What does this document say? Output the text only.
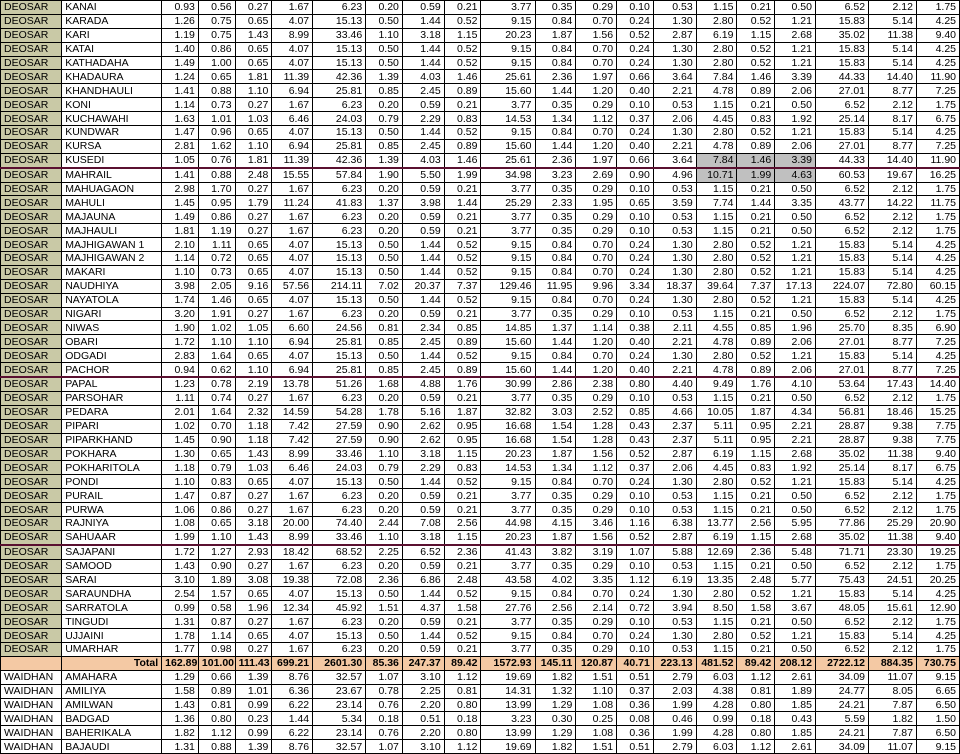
DEOSAR	KANAI	0.93	0.56	0.27	1.67	6.23	0.20	0.59	0.21	3.77	0.35	0.29	0.10	0.53	1.15	0.21	0.50	6.52	2.12	1.75
DEOSAR	KARADA	1.26	0.75	0.65	4.07	15.13	0.50	1.44	0.52	9.15	0.84	0.70	0.24	1.30	2.80	0.52	1.21	15.83	5.14	4.25
DEOSAR	KARI	1.19	0.75	1.43	8.99	33.46	1.10	3.18	1.15	20.23	1.87	1.56	0.52	2.87	6.19	1.15	2.68	35.02	11.38	9.40
DEOSAR	KATAI	1.40	0.86	0.65	4.07	15.13	0.50	1.44	0.52	9.15	0.84	0.70	0.24	1.30	2.80	0.52	1.21	15.83	5.14	4.25
DEOSAR	KATHADAHA	1.49	1.00	0.65	4.07	15.13	0.50	1.44	0.52	9.15	0.84	0.70	0.24	1.30	2.80	0.52	1.21	15.83	5.14	4.25
DEOSAR	KHADAURA	1.24	0.65	1.81	11.39	42.36	1.39	4.03	1.46	25.61	2.36	1.97	0.66	3.64	7.84	1.46	3.39	44.33	14.40	11.90
DEOSAR	KHANDHAULI	1.41	0.88	1.10	6.94	25.81	0.85	2.45	0.89	15.60	1.44	1.20	0.40	2.21	4.78	0.89	2.06	27.01	8.77	7.25
DEOSAR	KONI	1.14	0.73	0.27	1.67	6.23	0.20	0.59	0.21	3.77	0.35	0.29	0.10	0.53	1.15	0.21	0.50	6.52	2.12	1.75
DEOSAR	KUCHAWAHI	1.63	1.01	1.03	6.46	24.03	0.79	2.29	0.83	14.53	1.34	1.12	0.37	2.06	4.45	0.83	1.92	25.14	8.17	6.75
DEOSAR	KUNDWAR	1.47	0.96	0.65	4.07	15.13	0.50	1.44	0.52	9.15	0.84	0.70	0.24	1.30	2.80	0.52	1.21	15.83	5.14	4.25
DEOSAR	KURSA	2.81	1.62	1.10	6.94	25.81	0.85	2.45	0.89	15.60	1.44	1.20	0.40	2.21	4.78	0.89	2.06	27.01	8.77	7.25
DEOSAR	KUSEDI	1.05	0.76	1.81	11.39	42.36	1.39	4.03	1.46	25.61	2.36	1.97	0.66	3.64	7.84	1.46	3.39	44.33	14.40	11.90
DEOSAR	MAHRAIL	1.41	0.88	2.48	15.55	57.84	1.90	5.50	1.99	34.98	3.23	2.69	0.90	4.96	10.71	1.99	4.63	60.53	19.67	16.25
DEOSAR	MAHUAGAON	2.98	1.70	0.27	1.67	6.23	0.20	0.59	0.21	3.77	0.35	0.29	0.10	0.53	1.15	0.21	0.50	6.52	2.12	1.75
DEOSAR	MAHULI	1.45	0.95	1.79	11.24	41.83	1.37	3.98	1.44	25.29	2.33	1.95	0.65	3.59	7.74	1.44	3.35	43.77	14.22	11.75
DEOSAR	MAJAUNA	1.49	0.86	0.27	1.67	6.23	0.20	0.59	0.21	3.77	0.35	0.29	0.10	0.53	1.15	0.21	0.50	6.52	2.12	1.75
DEOSAR	MAJHAULI	1.81	1.19	0.27	1.67	6.23	0.20	0.59	0.21	3.77	0.35	0.29	0.10	0.53	1.15	0.21	0.50	6.52	2.12	1.75
DEOSAR	MAJHIGAWAN 1	2.10	1.11	0.65	4.07	15.13	0.50	1.44	0.52	9.15	0.84	0.70	0.24	1.30	2.80	0.52	1.21	15.83	5.14	4.25
DEOSAR	MAJHIGAWAN 2	1.14	0.72	0.65	4.07	15.13	0.50	1.44	0.52	9.15	0.84	0.70	0.24	1.30	2.80	0.52	1.21	15.83	5.14	4.25
DEOSAR	MAKARI	1.10	0.73	0.65	4.07	15.13	0.50	1.44	0.52	9.15	0.84	0.70	0.24	1.30	2.80	0.52	1.21	15.83	5.14	4.25
DEOSAR	NAUDHIYA	3.98	2.05	9.16	57.56	214.11	7.02	20.37	7.37	129.46	11.95	9.96	3.34	18.37	39.64	7.37	17.13	224.07	72.80	60.15
DEOSAR	NAYATOLA	1.74	1.46	0.65	4.07	15.13	0.50	1.44	0.52	9.15	0.84	0.70	0.24	1.30	2.80	0.52	1.21	15.83	5.14	4.25
DEOSAR	NIGARI	3.20	1.91	0.27	1.67	6.23	0.20	0.59	0.21	3.77	0.35	0.29	0.10	0.53	1.15	0.21	0.50	6.52	2.12	1.75
DEOSAR	NIWAS	1.90	1.02	1.05	6.60	24.56	0.81	2.34	0.85	14.85	1.37	1.14	0.38	2.11	4.55	0.85	1.96	25.70	8.35	6.90
DEOSAR	OBARI	1.72	1.10	1.10	6.94	25.81	0.85	2.45	0.89	15.60	1.44	1.20	0.40	2.21	4.78	0.89	2.06	27.01	8.77	7.25
DEOSAR	ODGADI	2.83	1.64	0.65	4.07	15.13	0.50	1.44	0.52	9.15	0.84	0.70	0.24	1.30	2.80	0.52	1.21	15.83	5.14	4.25
DEOSAR	PACHOR	0.94	0.62	1.10	6.94	25.81	0.85	2.45	0.89	15.60	1.44	1.20	0.40	2.21	4.78	0.89	2.06	27.01	8.77	7.25
DEOSAR	PAPAL	1.23	0.78	2.19	13.78	51.26	1.68	4.88	1.76	30.99	2.86	2.38	0.80	4.40	9.49	1.76	4.10	53.64	17.43	14.40
DEOSAR	PARSOHAR	1.11	0.74	0.27	1.67	6.23	0.20	0.59	0.21	3.77	0.35	0.29	0.10	0.53	1.15	0.21	0.50	6.52	2.12	1.75
DEOSAR	PEDARA	2.01	1.64	2.32	14.59	54.28	1.78	5.16	1.87	32.82	3.03	2.52	0.85	4.66	10.05	1.87	4.34	56.81	18.46	15.25
DEOSAR	PIPARI	1.02	0.70	1.18	7.42	27.59	0.90	2.62	0.95	16.68	1.54	1.28	0.43	2.37	5.11	0.95	2.21	28.87	9.38	7.75
DEOSAR	PIPARKHAND	1.45	0.90	1.18	7.42	27.59	0.90	2.62	0.95	16.68	1.54	1.28	0.43	2.37	5.11	0.95	2.21	28.87	9.38	7.75
DEOSAR	POKHARA	1.30	0.65	1.43	8.99	33.46	1.10	3.18	1.15	20.23	1.87	1.56	0.52	2.87	6.19	1.15	2.68	35.02	11.38	9.40
DEOSAR	POKHARITOLA	1.18	0.79	1.03	6.46	24.03	0.79	2.29	0.83	14.53	1.34	1.12	0.37	2.06	4.45	0.83	1.92	25.14	8.17	6.75
DEOSAR	PONDI	1.10	0.83	0.65	4.07	15.13	0.50	1.44	0.52	9.15	0.84	0.70	0.24	1.30	2.80	0.52	1.21	15.83	5.14	4.25
DEOSAR	PURAIL	1.47	0.87	0.27	1.67	6.23	0.20	0.59	0.21	3.77	0.35	0.29	0.10	0.53	1.15	0.21	0.50	6.52	2.12	1.75
DEOSAR	PURWA	1.06	0.86	0.27	1.67	6.23	0.20	0.59	0.21	3.77	0.35	0.29	0.10	0.53	1.15	0.21	0.50	6.52	2.12	1.75
DEOSAR	RAJNIYA	1.08	0.65	3.18	20.00	74.40	2.44	7.08	2.56	44.98	4.15	3.46	1.16	6.38	13.77	2.56	5.95	77.86	25.29	20.90
DEOSAR	SAHUAAR	1.99	1.10	1.43	8.99	33.46	1.10	3.18	1.15	20.23	1.87	1.56	0.52	2.87	6.19	1.15	2.68	35.02	11.38	9.40
DEOSAR	SAJAPANI	1.72	1.27	2.93	18.42	68.52	2.25	6.52	2.36	41.43	3.82	3.19	1.07	5.88	12.69	2.36	5.48	71.71	23.30	19.25
DEOSAR	SAMOOD	1.43	0.90	0.27	1.67	6.23	0.20	0.59	0.21	3.77	0.35	0.29	0.10	0.53	1.15	0.21	0.50	6.52	2.12	1.75
DEOSAR	SARAI	3.10	1.89	3.08	19.38	72.08	2.36	6.86	2.48	43.58	4.02	3.35	1.12	6.19	13.35	2.48	5.77	75.43	24.51	20.25
DEOSAR	SARAUNDHA	2.54	1.57	0.65	4.07	15.13	0.50	1.44	0.52	9.15	0.84	0.70	0.24	1.30	2.80	0.52	1.21	15.83	5.14	4.25
DEOSAR	SARRATOLA	0.99	0.58	1.96	12.34	45.92	1.51	4.37	1.58	27.76	2.56	2.14	0.72	3.94	8.50	1.58	3.67	48.05	15.61	12.90
DEOSAR	TINGUDI	1.31	0.87	0.27	1.67	6.23	0.20	0.59	0.21	3.77	0.35	0.29	0.10	0.53	1.15	0.21	0.50	6.52	2.12	1.75
DEOSAR	UJJAINI	1.78	1.14	0.65	4.07	15.13	0.50	1.44	0.52	9.15	0.84	0.70	0.24	1.30	2.80	0.52	1.21	15.83	5.14	4.25
DEOSAR	UMARHAR	1.77	0.98	0.27	1.67	6.23	0.20	0.59	0.21	3.77	0.35	0.29	0.10	0.53	1.15	0.21	0.50	6.52	2.12	1.75
	Total	162.89	101.00	111.43	699.21	2601.30	85.36	247.37	89.42	1572.93	145.11	120.87	40.71	223.13	481.52	89.42	208.12	2722.12	884.35	730.75
WAIDHAN	AMAHARA	1.29	0.66	1.39	8.76	32.57	1.07	3.10	1.12	19.69	1.82	1.51	0.51	2.79	6.03	1.12	2.61	34.09	11.07	9.15
WAIDHAN	AMILIYA	1.58	0.89	1.01	6.36	23.67	0.78	2.25	0.81	14.31	1.32	1.10	0.37	2.03	4.38	0.81	1.89	24.77	8.05	6.65
WAIDHAN	AMILWAN	1.43	0.81	0.99	6.22	23.14	0.76	2.20	0.80	13.99	1.29	1.08	0.36	1.99	4.28	0.80	1.85	24.21	7.87	6.50
WAIDHAN	BADGAD	1.36	0.80	0.23	1.44	5.34	0.18	0.51	0.18	3.23	0.30	0.25	0.08	0.46	0.99	0.18	0.43	5.59	1.82	1.50
WAIDHAN	BAHERIKALA	1.82	1.12	0.99	6.22	23.14	0.76	2.20	0.80	13.99	1.29	1.08	0.36	1.99	4.28	0.80	1.85	24.21	7.87	6.50
WAIDHAN	BAJAUDI	1.31	0.88	1.39	8.76	32.57	1.07	3.10	1.12	19.69	1.82	1.51	0.51	2.79	6.03	1.12	2.61	34.09	11.07	9.15
